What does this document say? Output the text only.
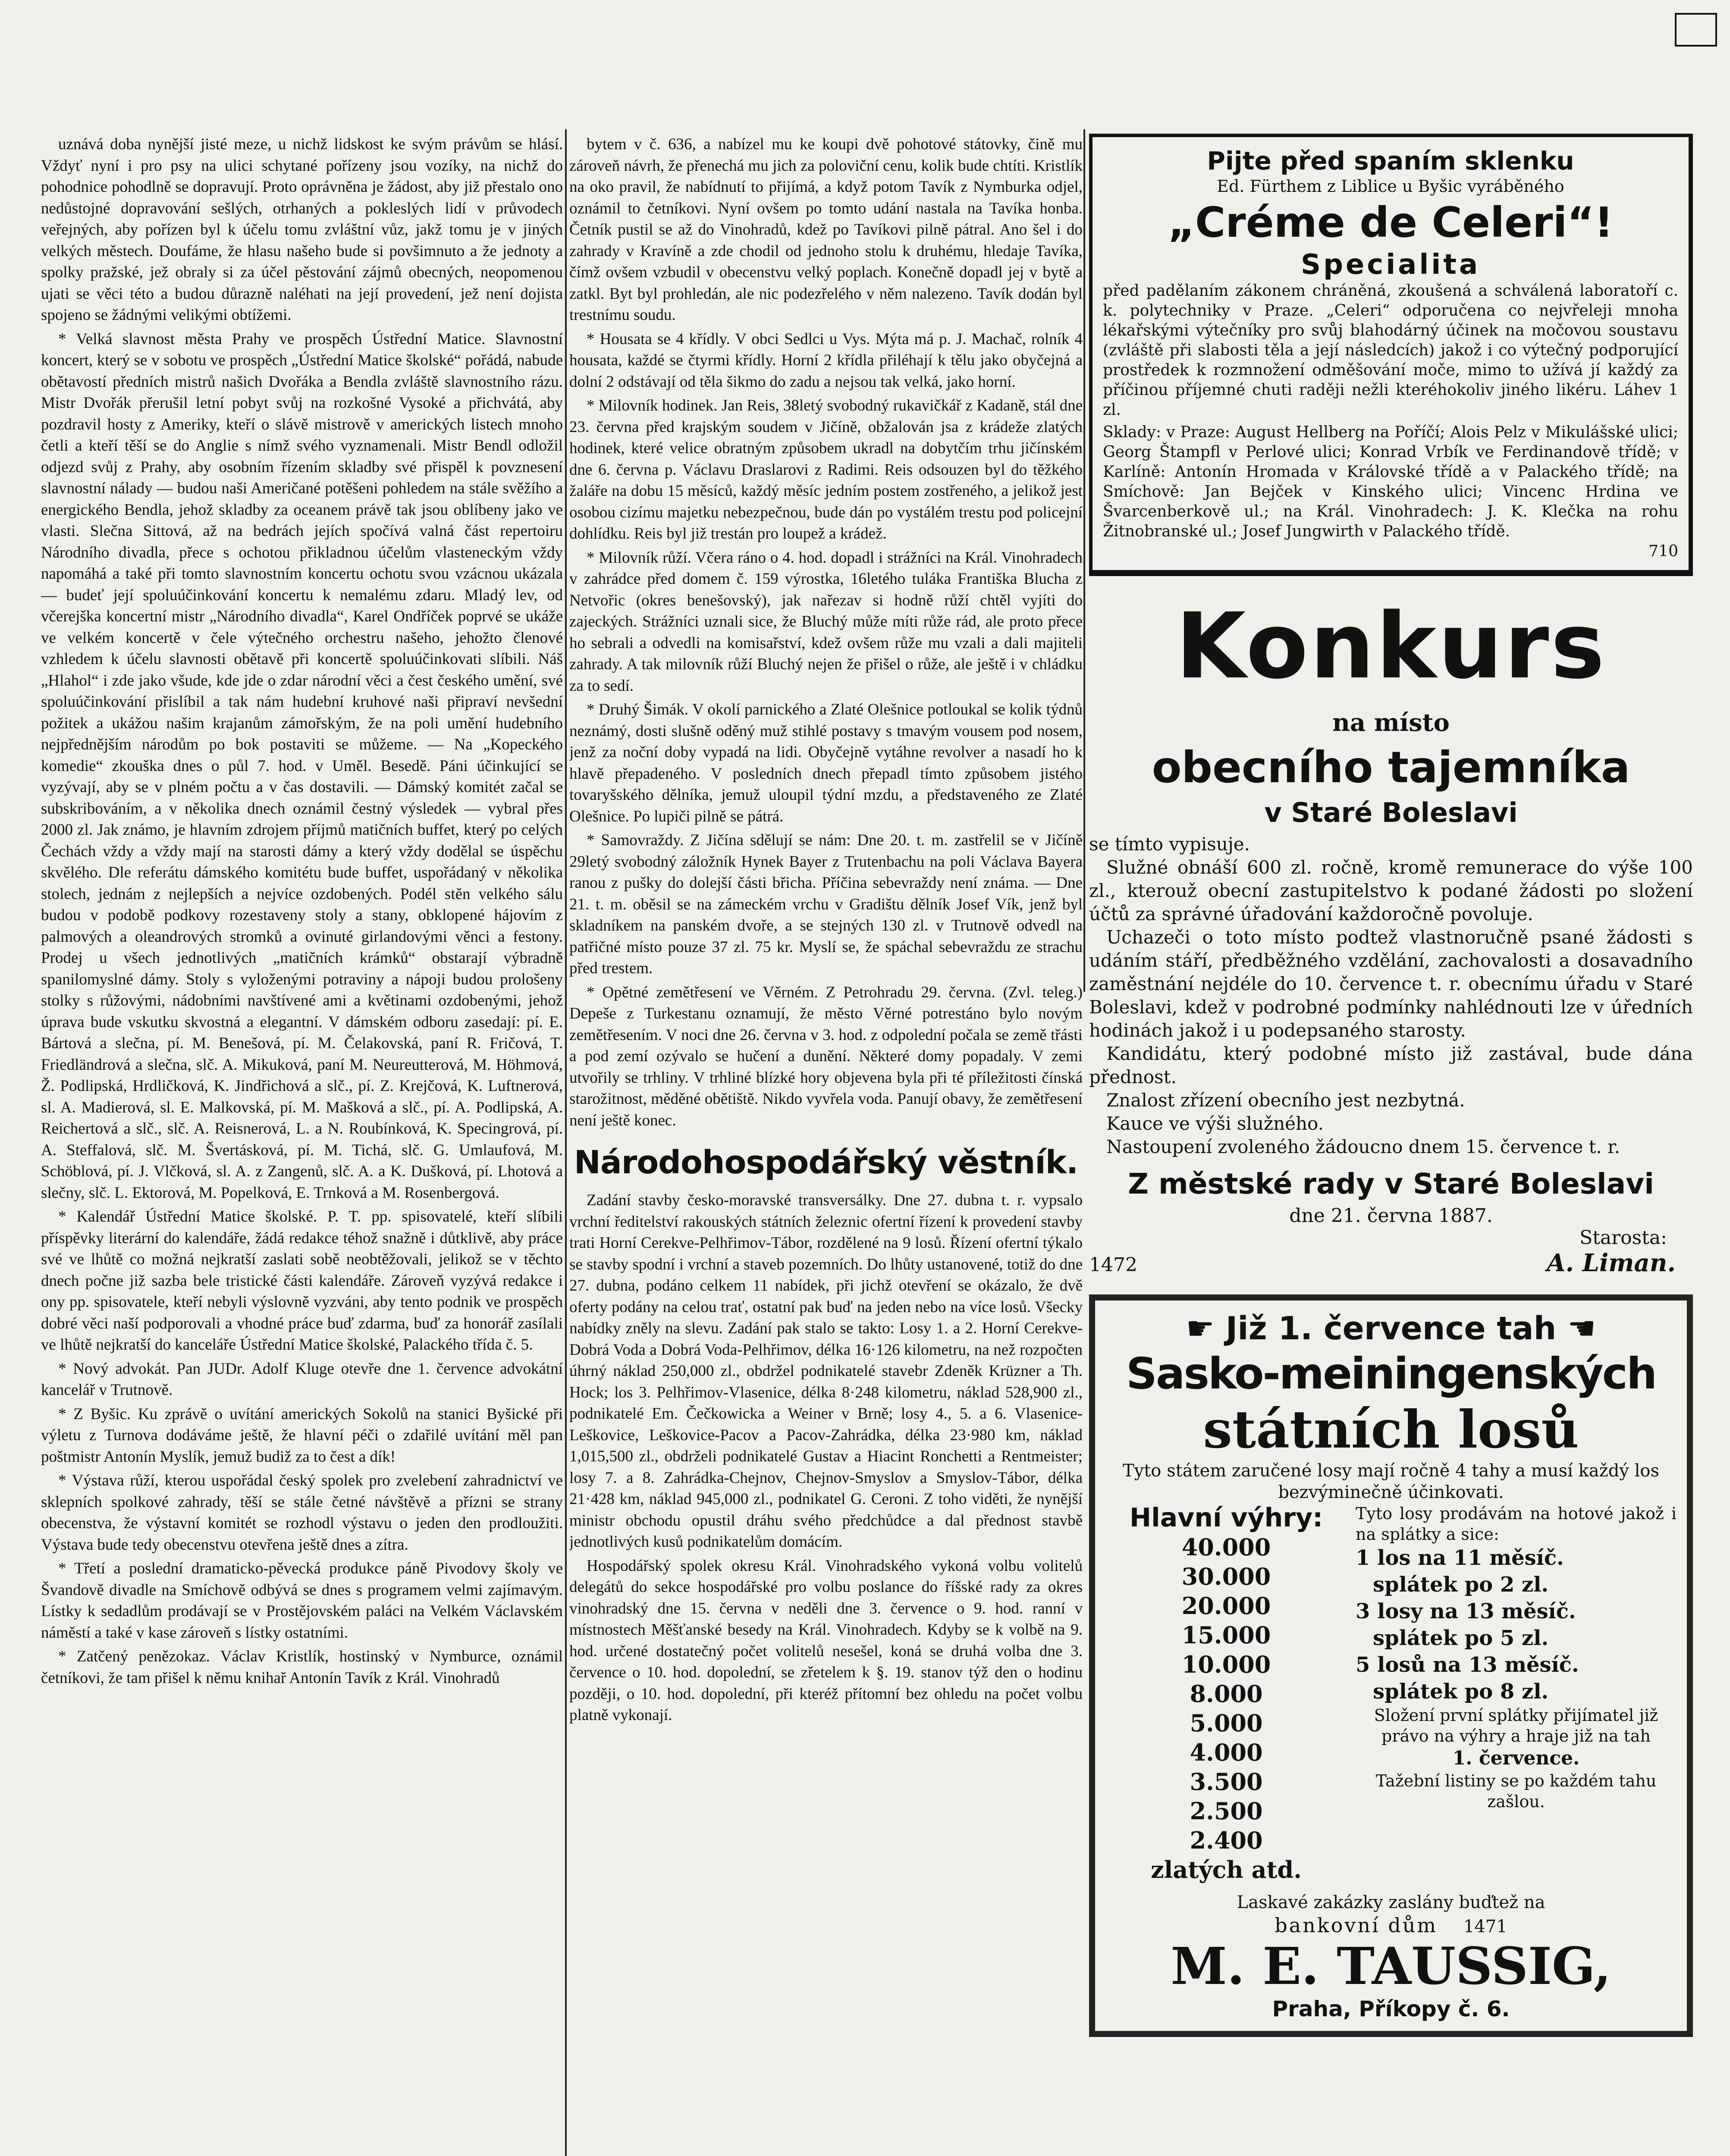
uznává doba nynější jisté meze, u nichž lidskost ke svým právům se hlásí. Vždyť nyní i pro psy na ulici schytané pořízeny jsou vozíky, na nichž do pohodnice pohodlně se dopravují. Proto oprávněna je žádost, aby již přestalo ono nedůstojné dopravování sešlých, otrhaných a pokleslých lidí v průvodech veřejných, aby pořízen byl k účelu tomu zvláštní vůz, jakž tomu je v jiných velkých městech. Doufáme, že hlasu našeho bude si povšimnuto a že jednoty a spolky pražské, jež obraly si za účel pěstování zájmů obecných, neopomenou ujati se věci této a budou důrazně naléhati na její provedení, jež není dojista spojeno se žádnými velikými obtížemi.

* Velká slavnost města Prahy ve prospěch Ústřední Matice. Slavnostní koncert, který se v sobotu ve prospěch „Ústřední Matice školské“ pořádá, nabude obětavostí předních mistrů našich Dvořáka a Bendla zvláště slavnostního rázu. Mistr Dvořák přerušil letní pobyt svůj na rozkošné Vysoké a přichvátá, aby pozdravil hosty z Ameriky, kteří o slávě mistrově v amerických listech mnoho četli a kteří těší se do Anglie s nímž svého vyznamenali. Mistr Bendl odložil odjezd svůj z Prahy, aby osobním řízením skladby své přispěl k povznesení slavnostní nálady — budou naši Američané potěšeni pohledem na stále svěžího a energického Bendla, jehož skladby za oceanem právě tak jsou oblíbeny jako ve vlasti. Slečna Sittová, až na bedrách jejích spočívá valná část repertoiru Národního divadla, přece s ochotou přikladnou účelům vlasteneckým vždy napomáhá a také při tomto slavnostním koncertu ochotu svou vzácnou ukázala — budeť její spoluúčinkování koncertu k nemalému zdaru. Mladý lev, od včerejška koncertní mistr „Národního divadla“, Karel Ondříček poprvé se ukáže ve velkém koncertě v čele výtečného orchestru našeho, jehožto členové vzhledem k účelu slavnosti obětavě při koncertě spoluúčinkovati slíbili. Náš „Hlahol“ i zde jako všude, kde jde o zdar národní věci a čest českého umění, své spoluúčinkování přislíbil a tak nám hudební kruhové naši připraví nevšední požitek a ukážou našim krajanům zámořským, že na poli umění hudebního nejpřednějším národům po bok postaviti se můžeme. — Na „Kopeckého komedie“ zkouška dnes o půl 7. hod. v Uměl. Besedě. Páni účinkující se vyzývají, aby se v plném počtu a v čas dostavili. — Dámský komitét začal se subskribováním, a v několika dnech oznámil čestný výsledek — vybral přes 2000 zl. Jak známo, je hlavním zdrojem příjmů matičních buffet, který po celých Čechách vždy a vždy mají na starosti dámy a který vždy dodělal se úspěchu skvělého. Dle referátu dámského komitétu bude buffet, uspořádaný v několika stolech, jednám z nejlepších a nejvíce ozdobených. Podél stěn velkého sálu budou v podobě podkovy rozestaveny stoly a stany, obklopené hájovím z palmových a oleandrových stromků a ovinuté girlandovými věnci a festony. Prodej u všech jednotlivých „matičních krámků“ obstarají výbradně spanilomyslné dámy. Stoly s vyloženými potraviny a nápoji budou prološeny stolky s růžovými, nádobními navštívené ami a květinami ozdobenými, jehož úprava bude vskutku skvostná a elegantní. V dámském odboru zasedají: pí. E. Bártová a slečna, pí. M. Benešová, pí. M. Čelakovská, paní R. Fričová, T. Friedländrová a slečna, slč. A. Mikuková, paní M. Neureutterová, M. Höhmová, Ž. Podlipská, Hrdličková, K. Jindřichová a slč., pí. Z. Krejčová, K. Luftnerová, sl. A. Madierová, sl. E. Malkovská, pí. M. Mašková a slč., pí. A. Podlipská, A. Reichertová a slč., slč. A. Reisnerová, L. a N. Roubínková, K. Specingrová, pí. A. Steffalová, slč. M. Švertásková, pí. M. Tichá, slč. G. Umlaufová, M. Schöblová, pí. J. Vlčková, sl. A. z Zangenů, slč. A. a K. Dušková, pí. Lhotová a slečny, slč. L. Ektorová, M. Popelková, E. Trnková a M. Rosenbergová.

* Kalendář Ústřední Matice školské. P. T. pp. spisovatelé, kteří slíbili příspěvky literární do kalendáře, žádá redakce téhož snažně i důtklivě, aby práce své ve lhůtě co možná nejkratší zaslati sobě neobtěžovali, jelikož se v těchto dnech počne již sazba bele tristické části kalendáře. Zároveň vyzývá redakce i ony pp. spisovatele, kteří nebyli výslovně vyzváni, aby tento podnik ve prospěch dobré věci naší podporovali a vhodné práce buď zdarma, buď za honorář zasílali ve lhůtě nejkratší do kanceláře Ústřední Matice školské, Palackého třída č. 5.

* Nový advokát. Pan JUDr. Adolf Kluge otevře dne 1. července advokátní kancelář v Trutnově.

* Z Byšic. Ku zprávě o uvítání amerických Sokolů na stanici Byšické při výletu z Turnova dodáváme ještě, že hlavní péči o zdařilé uvítání měl pan poštmistr Antonín Myslík, jemuž budiž za to čest a dík!

* Výstava růží, kterou uspořádal český spolek pro zvelebení zahradnictví ve sklepních spolkové zahrady, těší se stále četné návštěvě a přízni se strany obecenstva, že výstavní komitét se rozhodl výstavu o jeden den prodloužiti. Výstava bude tedy obecenstvu otevřena ještě dnes a zítra.

* Třetí a poslední dramaticko-pěvecká produkce páně Pivodovy školy ve Švandově divadle na Smíchově odbývá se dnes s programem velmi zajímavým. Lístky k sedadlům prodávají se v Prostějovském paláci na Velkém Václavském náměstí a také v kase zároveň s lístky ostatními.

* Zatčený penězokaz. Václav Kristlík, hostinský v Nymburce, oznámil četníkovi, že tam přišel k němu knihař Antonín Tavík z Král. Vinohradů

bytem v č. 636, a nabízel mu ke koupi dvě pohotové státovky, čině mu zároveň návrh, že přenechá mu jich za poloviční cenu, kolik bude chtíti. Kristlík na oko pravil, že nabídnutí to přijímá, a když potom Tavík z Nymburka odjel, oznámil to četníkovi. Nyní ovšem po tomto udání nastala na Tavíka honba. Četník pustil se až do Vinohradů, kdež po Tavíkovi pilně pátral. Ano šel i do zahrady v Kravíně a zde chodil od jednoho stolu k druhému, hledaje Tavíka, čímž ovšem vzbudil v obecenstvu velký poplach. Konečně dopadl jej v bytě a zatkl. Byt byl prohledán, ale nic podezřelého v něm nalezeno. Tavík dodán byl trestnímu soudu.

* Housata se 4 křídly. V obci Sedlci u Vys. Mýta má p. J. Machač, rolník 4 housata, každé se čtyrmi křídly. Horní 2 křídla přiléhají k tělu jako obyčejná a dolní 2 odstávají od těla šikmo do zadu a nejsou tak velká, jako horní.

* Milovník hodinek. Jan Reis, 38letý svobodný rukavičkář z Kadaně, stál dne 23. června před krajským soudem v Jičíně, obžalován jsa z krádeže zlatých hodinek, které velice obratným způsobem ukradl na dobytčím trhu jičínském dne 6. června p. Václavu Draslarovi z Radimi. Reis odsouzen byl do těžkého žaláře na dobu 15 měsíců, každý měsíc jedním postem zostřeného, a jelikož jest osobou cizímu majetku nebezpečnou, bude dán po vystálém trestu pod policejní dohlídku. Reis byl již trestán pro loupež a krádež.

* Milovník růží. Včera ráno o 4. hod. dopadl i strážníci na Král. Vinohradech v zahrádce před domem č. 159 výrostka, 16letého tuláka Františka Blucha z Netvořic (okres benešovský), jak nařezav si hodně růží chtěl vyjíti do zajeckých. Strážníci uznali sice, že Bluchý může míti růže rád, ale proto přece ho sebrali a odvedli na komisařství, kdež ovšem růže mu vzali a dali majiteli zahrady. A tak milovník růží Bluchý nejen že přišel o růže, ale ještě i v chládku za to sedí.

* Druhý Šimák. V okolí parnického a Zlaté Olešnice potloukal se kolik týdnů neznámý, dosti slušně oděný muž stihlé postavy s tmavým vousem pod nosem, jenž za noční doby vypadá na lidi. Obyčejně vytáhne revolver a nasadí ho k hlavě přepadeného. V posledních dnech přepadl tímto způsobem jistého tovaryšského dělníka, jemuž uloupil týdní mzdu, a představeného ze Zlaté Olešnice. Po lupiči pilně se pátrá.

* Samovraždy. Z Jičína sdělují se nám: Dne 20. t. m. zastřelil se v Jičíně 29letý svobodný záložník Hynek Bayer z Trutenbachu na poli Václava Bayera ranou z pušky do dolejší části břicha. Příčina sebevraždy není známa. — Dne 21. t. m. oběsil se na zámeckém vrchu v Gradištu dělník Josef Vík, jenž byl skladníkem na panském dvoře, a se stejných 130 zl. v Trutnově odvedl na patřičné místo pouze 37 zl. 75 kr. Myslí se, že spáchal sebevraždu ze strachu před trestem.

* Opětné zemětřesení ve Věrném. Z Petrohradu 29. června. (Zvl. teleg.) Depeše z Turkestanu oznamují, že město Věrné potrestáno bylo novým zemětřesením. V noci dne 26. června v 3. hod. z odpolední počala se země třásti a pod zemí ozývalo se hučení a dunění. Některé domy popadaly. V zemi utvořily se trhliny. V trhliné blízké hory objevena byla při té příležitosti čínská starožitnost, měděné obětiště. Nikdo vyvřela voda. Panují obavy, že zemětřesení není ještě konec.

Národohospodářský věstník.

Zadání stavby česko-moravské transversálky. Dne 27. dubna t. r. vypsalo vrchní ředitelství rakouských státních železnic ofertní řízení k provedení stavby trati Horní Cerekve-Pelhřimov-Tábor, rozdělené na 9 losů. Řízení ofertní týkalo se stavby spodní i vrchní a staveb pozemních. Do lhůty ustanovené, totiž do dne 27. dubna, podáno celkem 11 nabídek, při jichž otevření se okázalo, že dvě oferty podány na celou trať, ostatní pak buď na jeden nebo na více losů. Všecky nabídky zněly na slevu. Zadání pak stalo se takto: Losy 1. a 2. Horní Cerekve-Dobrá Voda a Dobrá Voda-Pelhřimov, délka 16·126 kilometru, na než rozpočten úhrný náklad 250,000 zl., obdržel podnikatelé stavebr Zdeněk Krüzner a Th. Hock; los 3. Pelhřimov-Vlasenice, délka 8·248 kilometru, náklad 528,900 zl., podnikatelé Em. Čečkowicka a Weiner v Brně; losy 4., 5. a 6. Vlasenice-Leškovice, Leškovice-Pacov a Pacov-Zahrádka, délka 23·980 km, náklad 1,015,500 zl., obdrželi podnikatelé Gustav a Hiacint Ronchetti a Rentmeister; losy 7. a 8. Zahrádka-Chejnov, Chejnov-Smyslov a Smyslov-Tábor, délka 21·428 km, náklad 945,000 zl., podnikatel G. Ceroni. Z toho viděti, že nynější ministr obchodu opustil dráhu svého předchůdce a dal přednost stavbě jednotlivých kusů podnikatelům domácím.

Hospodářský spolek okresu Král. Vinohradského vykoná volbu volitelů delegátů do sekce hospodářské pro volbu poslance do říšské rady za okres vinohradský dne 15. června v neděli dne 3. července o 9. hod. ranní v místnostech Měšťanské besedy na Král. Vinohradech. Kdyby se k volbě na 9. hod. určené dostatečný počet volitelů nesešel, koná se druhá volba dne 3. července o 10. hod. dopolední, se zřetelem k §. 19. stanov týž den o hodinu později, o 10. hod. dopolední, při kteréž přítomní bez ohledu na počet volbu platně vykonají.

Pijte před spaním sklenku

Ed. Fürthem z Liblice u Byšic vyráběného

„Créme de Celeri“!

Specialita

před padělaním zákonem chráněná, zkoušená a schválená laboratoří c. k. polytechniky v Praze. „Celeri“ odporučena co nejvřeleji mnoha lékařskými výtečníky pro svůj blahodárný účinek na močovou soustavu (zvláště při slabosti těla a její následcích) jakož i co výtečný podporující prostředek k rozmnožení odměšování moče, mimo to užívá jí každý za příčinou příjemné chuti raději nežli kteréhokoliv jiného likéru. Láhev 1 zl.

Sklady: v Praze: August Hellberg na Poříčí; Alois Pelz v Mikulášské ulici; Georg Štampfl v Perlové ulici; Konrad Vrbík ve Ferdinandově třídě; v Karlíně: Antonín Hromada v Královské třídě a v Palackého třídě; na Smíchově: Jan Bejček v Kinského ulici; Vincenc Hrdina ve Švarcenberkově ul.; na Král. Vinohradech: J. K. Klečka na rohu Žitnobranské ul.; Josef Jungwirth v Palackého třídě.

710

Konkurs

na místo

obecního tajemníka
v Staré Boleslavi

se tímto vypisuje.

Služné obnáší 600 zl. ročně, kromě remunerace do výše 100 zl., kterouž obecní zastupitelstvo k podané žádosti po složení účtů za správné úřadování každoročně povoluje.

Uchazeči o toto místo podtež vlastnoručně psané žádosti s udáním stáří, předběžného vzdělání, zachovalosti a dosavadního zaměstnání nejdéle do 10. července t. r. obecnímu úřadu v Staré Boleslavi, kdež v podrobné podmínky nahlédnouti lze v úředních hodinách jakož i u podepsaného starosty.

Kandidátu, který podobné místo již zastával, bude dána přednost.

Znalost zřízení obecního jest nezbytná.

Kauce ve výši služného.

Nastoupení zvoleného žádoucno dnem 15. července t. r.

Z městské rady v Staré Boleslavi

dne 21. června 1887.

Starosta:

1472	A. Liman.
☛ Již 1. července tah ☚

Sasko-meiningenských

státních losů

Tyto státem zaručené losy mají ročně 4 tahy a musí každý los bezvýminečně účinkovati.

Hlavní výhry:

40.000

30.000

20.000

15.000

10.000

8.000

5.000

4.000

3.500

2.500

2.400

zlatých atd.

Tyto losy prodávám na hotové jakož i na splátky a sice:

1 los na 11 měsíč.

splátek po 2 zl.

3 losy na 13 měsíč.

splátek po 5 zl.

5 losů na 13 měsíč.

splátek po 8 zl.

Složení první splátky přijímatel již právo na výhry a hraje již na tah

1. července.

Tažební listiny se po každém tahu zašlou.

Laskavé zakázky zaslány buďtež na

bankovní dům 1471

M. E. TAUSSIG,

Praha, Příkopy č. 6.
